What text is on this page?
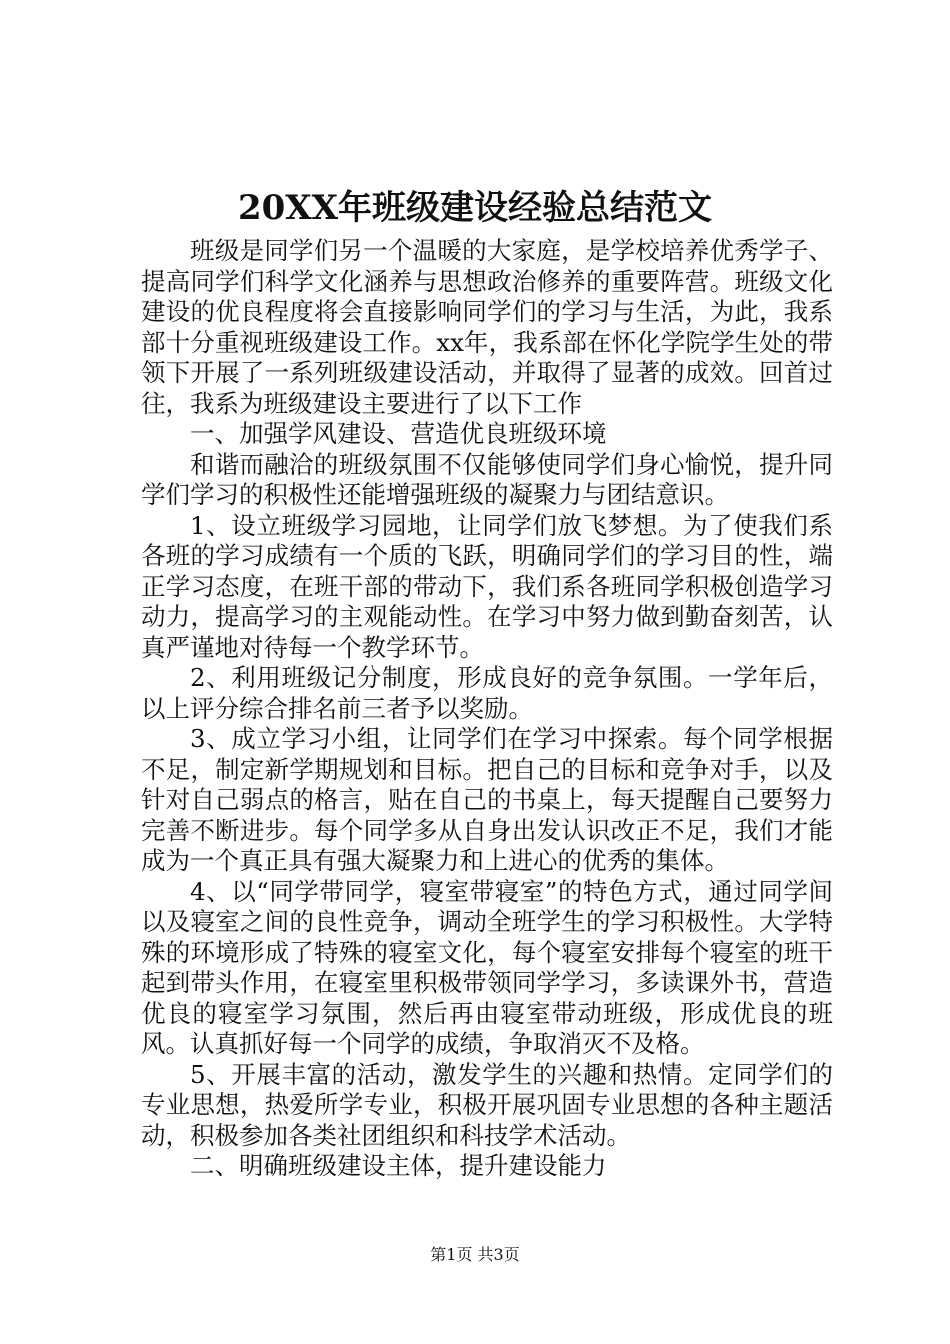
20XX年班级建设经验总结范文

班级是同学们另一个温暖的大家庭，是学校培养优秀学子、提高同学们科学文化涵养与思想政治修养的重要阵营。班级文化建设的优良程度将会直接影响同学们的学习与生活，为此，我系部十分重视班级建设工作。xx年，我系部在怀化学院学生处的带领下开展了一系列班级建设活动，并取得了显著的成效。回首过往，我系为班级建设主要进行了以下工作

一、加强学风建设、营造优良班级环境

和谐而融洽的班级氛围不仅能够使同学们身心愉悦，提升同学们学习的积极性还能增强班级的凝聚力与团结意识。

1、设立班级学习园地，让同学们放飞梦想。为了使我们系各班的学习成绩有一个质的飞跃，明确同学们的学习目的性，端正学习态度，在班干部的带动下，我们系各班同学积极创造学习动力，提高学习的主观能动性。在学习中努力做到勤奋刻苦，认真严谨地对待每一个教学环节。

2、利用班级记分制度，形成良好的竞争氛围。一学年后，以上评分综合排名前三者予以奖励。

3、成立学习小组，让同学们在学习中探索。每个同学根据不足，制定新学期规划和目标。把自己的目标和竞争对手，以及针对自己弱点的格言，贴在自己的书桌上，每天提醒自己要努力完善不断进步。每个同学多从自身出发认识改正不足，我们才能成为一个真正具有强大凝聚力和上进心的优秀的集体。

4、以“同学带同学，寝室带寝室”的特色方式，通过同学间以及寝室之间的良性竞争，调动全班学生的学习积极性。大学特殊的环境形成了特殊的寝室文化，每个寝室安排每个寝室的班干起到带头作用，在寝室里积极带领同学学习，多读课外书，营造优良的寝室学习氛围，然后再由寝室带动班级，形成优良的班风。认真抓好每一个同学的成绩，争取消灭不及格。

5、开展丰富的活动，激发学生的兴趣和热情。定同学们的专业思想，热爱所学专业，积极开展巩固专业思想的各种主题活动，积极参加各类社团组织和科技学术活动。

二、明确班级建设主体，提升建设能力

第1页 共3页
